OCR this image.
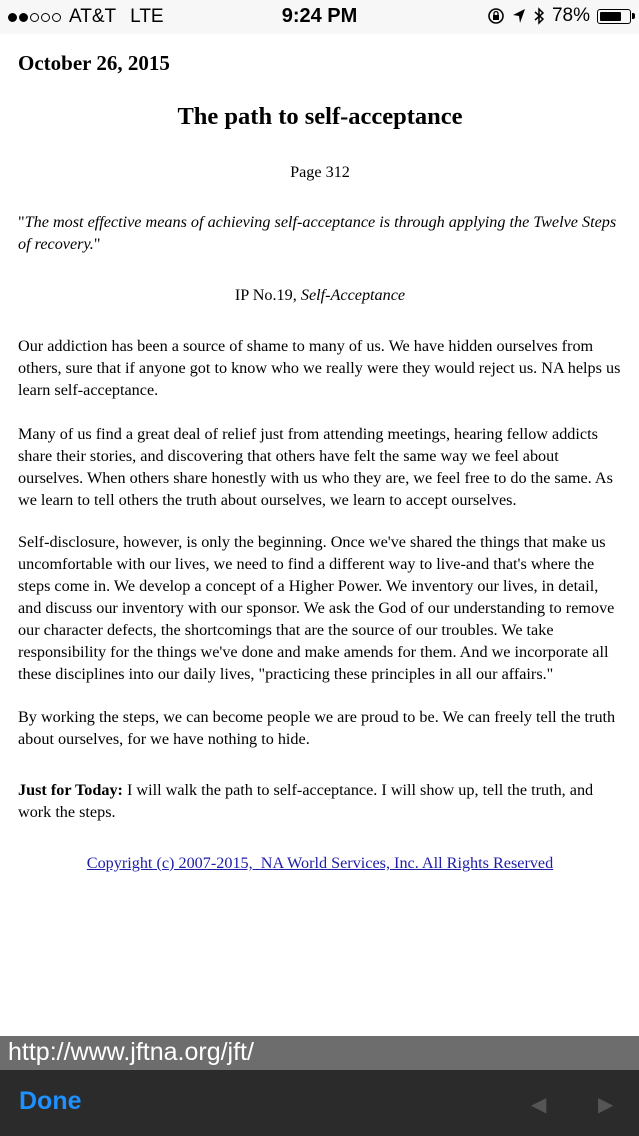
AT&T LTE	9:24 PM	78%
October 26, 2015
The path to self-acceptance
Page 312
"The most effective means of achieving self-acceptance is through applying the Twelve Steps of recovery."
IP No.19, Self-Acceptance

Our addiction has been a source of shame to many of us. We have hidden ourselves from others, sure that if anyone got to know who we really were they would reject us. NA helps us learn self-acceptance.

Many of us find a great deal of relief just from attending meetings, hearing fellow addicts share their stories, and discovering that others have felt the same way we feel about ourselves. When others share honestly with us who they are, we feel free to do the same. As we learn to tell others the truth about ourselves, we learn to accept ourselves.

Self-disclosure, however, is only the beginning. Once we've shared the things that make us uncomfortable with our lives, we need to find a different way to live-and that's where the steps come in. We develop a concept of a Higher Power. We inventory our lives, in detail, and discuss our inventory with our sponsor. We ask the God of our understanding to remove our character defects, the shortcomings that are the source of our troubles. We take responsibility for the things we've done and make amends for them. And we incorporate all these disciplines into our daily lives, "practicing these principles in all our affairs."

By working the steps, we can become people we are proud to be. We can freely tell the truth about ourselves, for we have nothing to hide.

Just for Today: I will walk the path to self-acceptance. I will show up, tell the truth, and work the steps.

Copyright (c) 2007-2015,  NA World Services, Inc. All Rights Reserved
http://www.jftna.org/jft/
Done	◀	▶
